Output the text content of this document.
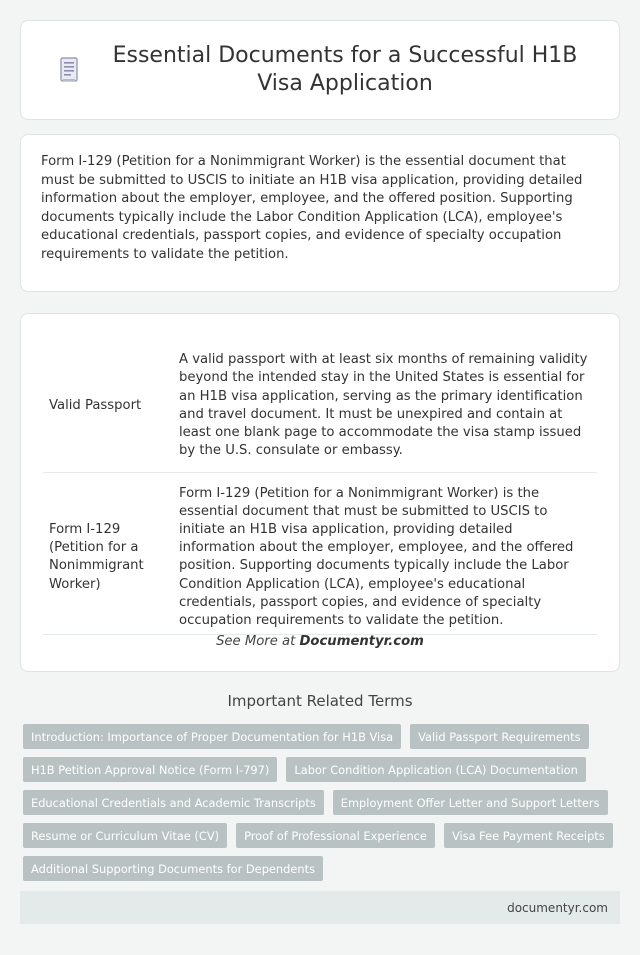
Essential Documents for a Successful H1B Visa Application

Form I-129 (Petition for a Nonimmigrant Worker) is the essential document that must be submitted to USCIS to initiate an H1B visa application, providing detailed information about the employer, employee, and the offered position. Supporting documents typically include the Labor Condition Application (LCA), employee's educational credentials, passport copies, and evidence of specialty occupation requirements to validate the petition.

Valid Passport	A valid passport with at least six months of remaining validity beyond the intended stay in the United States is essential for an H1B visa application, serving as the primary identification and travel document. It must be unexpired and contain at least one blank page to accommodate the visa stamp issued by the U.S. consulate or embassy.
Form I-129 (Petition for a Nonimmigrant Worker)	Form I-129 (Petition for a Nonimmigrant Worker) is the essential document that must be submitted to USCIS to initiate an H1B visa application, providing detailed information about the employer, employee, and the offered position. Supporting documents typically include the Labor Condition Application (LCA), employee's educational credentials, passport copies, and evidence of specialty occupation requirements to validate the petition.
See More at Documentyr.com
Important Related Terms
Introduction: Importance of Proper Documentation for H1B Visa	Valid Passport Requirements
H1B Petition Approval Notice (Form I-797)	Labor Condition Application (LCA) Documentation
Educational Credentials and Academic Transcripts	Employment Offer Letter and Support Letters
Resume or Curriculum Vitae (CV)	Proof of Professional Experience	Visa Fee Payment Receipts
Additional Supporting Documents for Dependents
documentyr.com
